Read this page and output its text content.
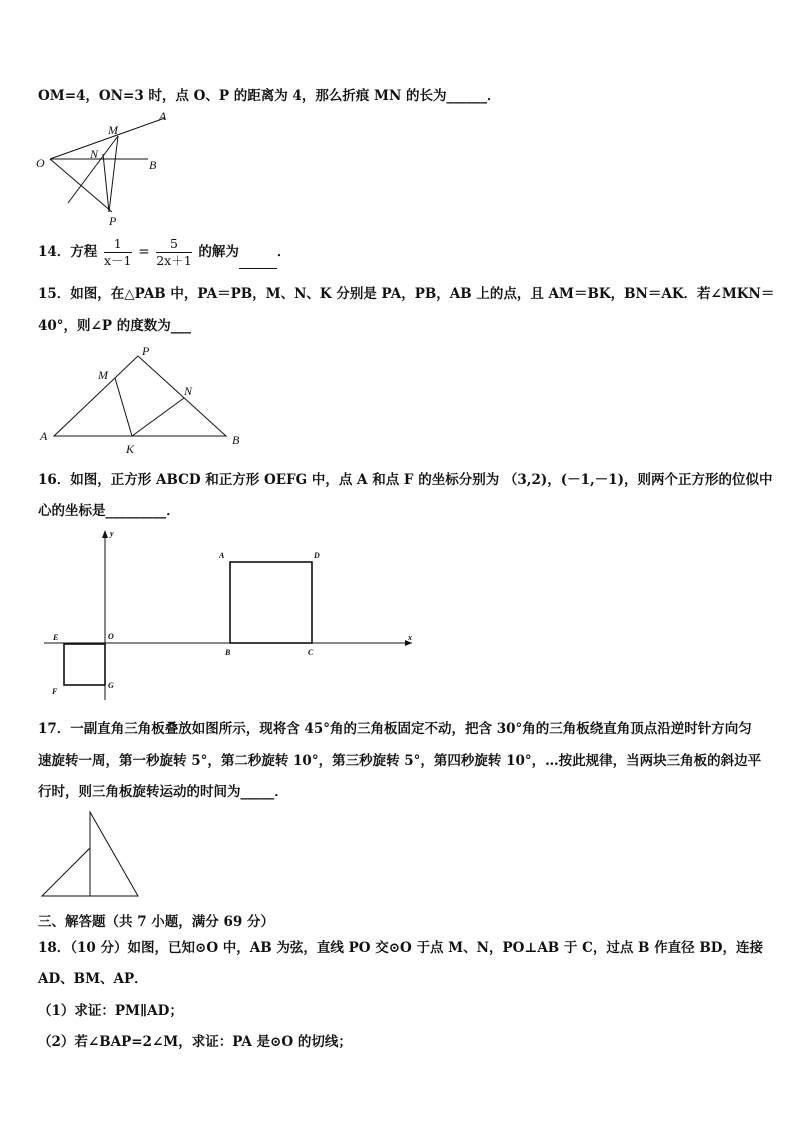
OM=4，ON=3 时，点 O、P 的距离为 4，那么折痕 MN 的长为______．
O
M
N
A
B
P
14．方程 $\frac{1}{x-1} = \frac{5}{2x+1}$ 的解为	．
15．如图，在△PAB 中，PA＝PB，M、N、K 分别是 PA，PB，AB 上的点，且 AM＝BK，BN＝AK．若∠MKN＝
40°，则∠P 的度数为___
P
M
N
A
K
B
16．如图，正方形 ABCD 和正方形 OEFG 中，点 A 和点 F 的坐标分别为 （3,2)，(－1,－1)，则两个正方形的位似中
心的坐标是_________．
y
x
A	D
B	C
E	O
F
G
17．一副直角三角板叠放如图所示，现将含 45°角的三角板固定不动，把含 30°角的三角板绕直角顶点沿逆时针方向匀
速旋转一周，第一秒旋转 5°，第二秒旋转 10°，第三秒旋转 5°，第四秒旋转 10°，…按此规律，当两块三角板的斜边平
行时，则三角板旋转运动的时间为_____．
三、解答题（共 7 小题，满分 69 分）
18．（10 分）如图，已知⊙O 中，AB 为弦，直线 PO 交⊙O 于点 M、N，PO⊥AB 于 C，过点 B 作直径 BD，连接
AD、BM、AP．
（1）求证：PM∥AD；
（2）若∠BAP=2∠M，求证：PA 是⊙O 的切线；
